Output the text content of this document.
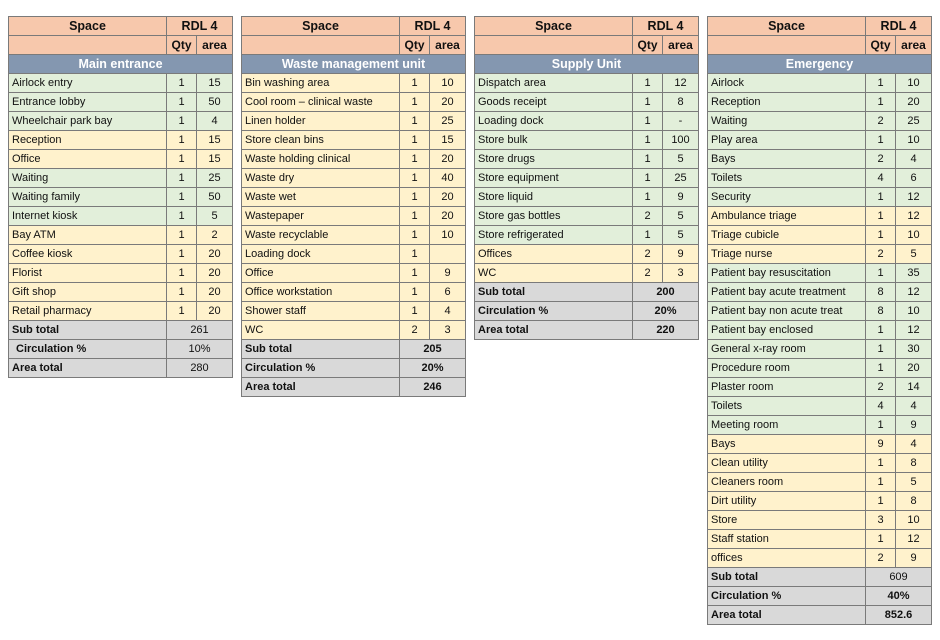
Space	RDL 4	
	Qty	area
Main entrance		
Airlock entry	1	15
Entrance lobby	1	50
Wheelchair park bay	1	4
Reception	1	15
Office	1	15
Waiting	1	25
Waiting family	1	50
Internet kiosk	1	5
Bay ATM	1	2
Coffee kiosk	1	20
Florist	1	20
Gift shop	1	20
Retail pharmacy	1	20
Sub total	261	
Circulation %	10%	
Area total	280	
Space	RDL 4	
	Qty	area
Waste management unit		
Bin washing area	1	10
Cool room – clinical waste	1	20
Linen holder	1	25
Store clean bins	1	15
Waste holding clinical	1	20
Waste dry	1	40
Waste wet	1	20
Wastepaper	1	20
Waste recyclable	1	10
Loading dock	1	
Office	1	9
Office workstation	1	6
Shower staff	1	4
WC	2	3
Sub total	205	
Circulation %	20%	
Area total	246	
Space	RDL 4	
	Qty	area
Supply Unit		
Dispatch area	1	12
Goods receipt	1	8
Loading dock	1	-
Store bulk	1	100
Store drugs	1	5
Store equipment	1	25
Store liquid	1	9
Store gas bottles	2	5
Store refrigerated	1	5
Offices	2	9
WC	2	3
Sub total	200	
Circulation %	20%	
Area total	220	
Space	RDL 4	
	Qty	area
Emergency		
Airlock	1	10
Reception	1	20
Waiting	2	25
Play area	1	10
Bays	2	4
Toilets	4	6
Security	1	12
Ambulance triage	1	12
Triage cubicle	1	10
Triage nurse	2	5
Patient bay resuscitation	1	35
Patient bay acute treatment	8	12
Patient bay non acute treat	8	10
Patient bay enclosed	1	12
General x-ray room	1	30
Procedure room	1	20
Plaster room	2	14
Toilets	4	4
Meeting room	1	9
Bays	9	4
Clean utility	1	8
Cleaners room	1	5
Dirt utility	1	8
Store	3	10
Staff station	1	12
offices	2	9
Sub total	609	
Circulation %	40%	
Area total	852.6	
